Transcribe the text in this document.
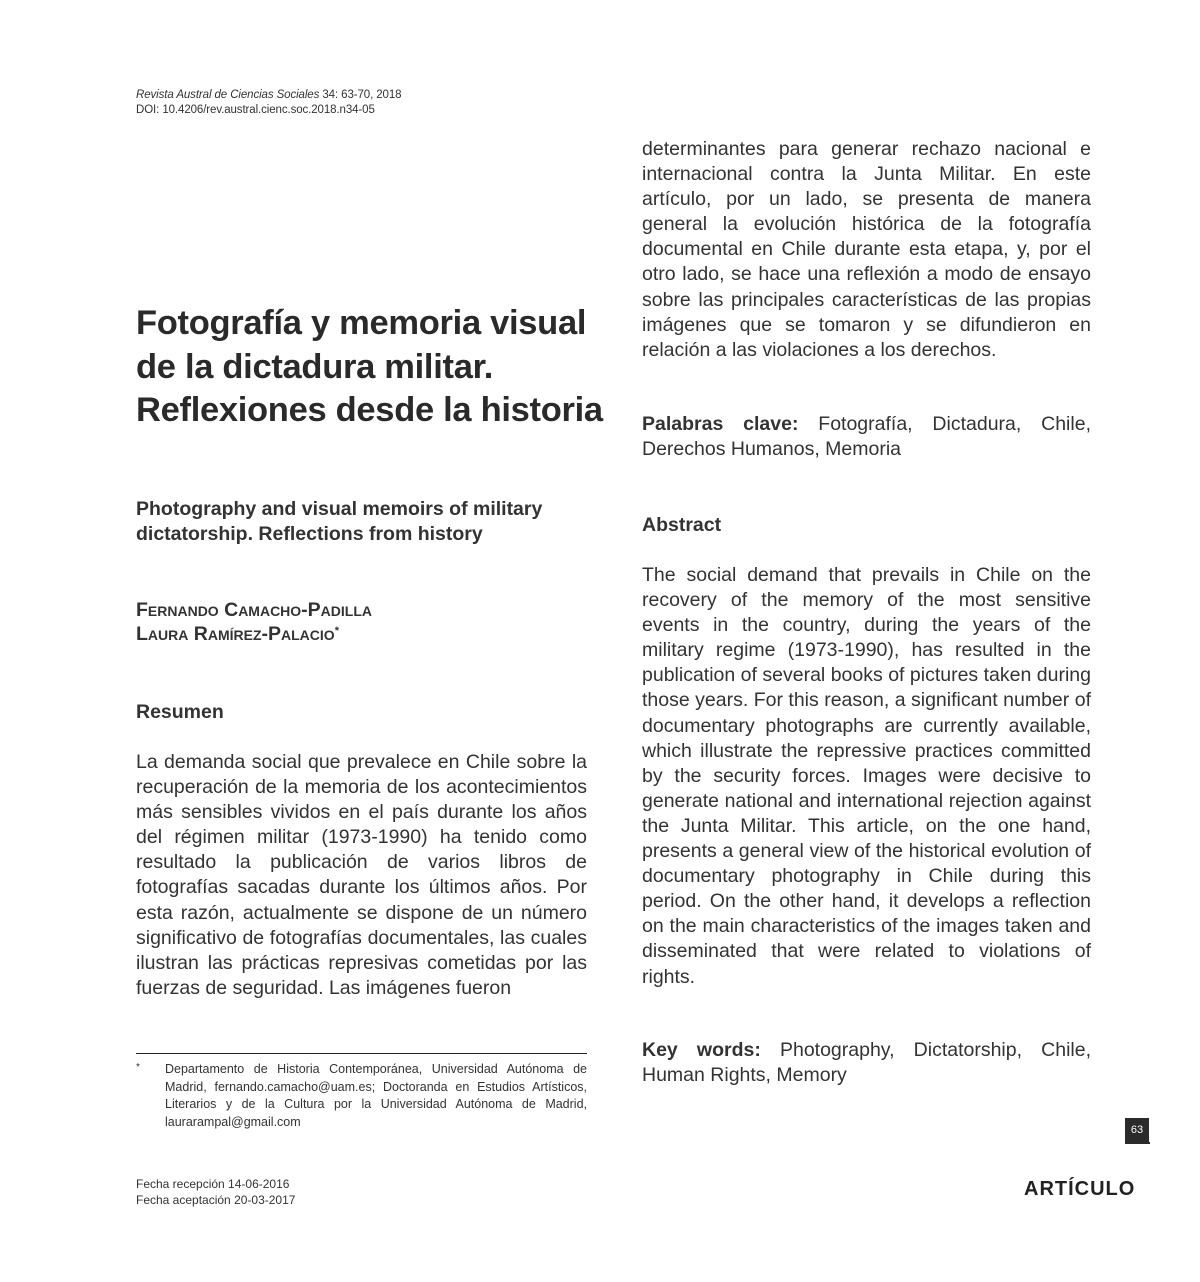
Revista Austral de Ciencias Sociales 34: 63-70, 2018
DOI: 10.4206/rev.austral.cienc.soc.2018.n34-05
Fotografía y memoria visual de la dictadura militar. Reflexiones desde la historia
Photography and visual memoirs of military dictatorship. Reflections from history
Fernando Camacho-Padilla
Laura Ramírez-Palacio*
Resumen

La demanda social que prevalece en Chile sobre la recuperación de la memoria de los acontecimientos más sensibles vividos en el país durante los años del régimen militar (1973-1990) ha tenido como resultado la publicación de varios libros de fotografías sacadas durante los últimos años. Por esta razón, actualmente se dispone de un número significativo de fotografías documentales, las cuales ilustran las prácticas represivas cometidas por las fuerzas de seguridad. Las imágenes fueron

*	Departamento de Historia Contemporánea, Universidad Autónoma de Madrid, fernando.camacho@uam.es; Doctoranda en Estudios Artísticos, Literarios y de la Cultura por la Universidad Autónoma de Madrid, laurarampal@gmail.com
Fecha recepción 14-06-2016
Fecha aceptación 20-03-2017

determinantes para generar rechazo nacional e internacional contra la Junta Militar. En este artículo, por un lado, se presenta de manera general la evolución histórica de la fotografía documental en Chile durante esta etapa, y, por el otro lado, se hace una reflexión a modo de ensayo sobre las principales características de las propias imágenes que se tomaron y se difundieron en relación a las violaciones a los derechos.

Palabras clave: Fotografía, Dictadura, Chile, Derechos Humanos, Memoria

Abstract

The social demand that prevails in Chile on the recovery of the memory of the most sensitive events in the country, during the years of the military regime (1973-1990), has resulted in the publication of several books of pictures taken during those years. For this reason, a significant number of documentary photographs are currently available, which illustrate the repressive practices committed by the security forces. Images were decisive to generate national and international rejection against the Junta Militar. This article, on the one hand, presents a general view of the historical evolution of documentary photography in Chile during this period. On the other hand, it develops a reflection on the main characteristics of the images taken and disseminated that were related to violations of rights.

Key words: Photography, Dictatorship, Chile, Human Rights, Memory

63
ARTÍCULO
